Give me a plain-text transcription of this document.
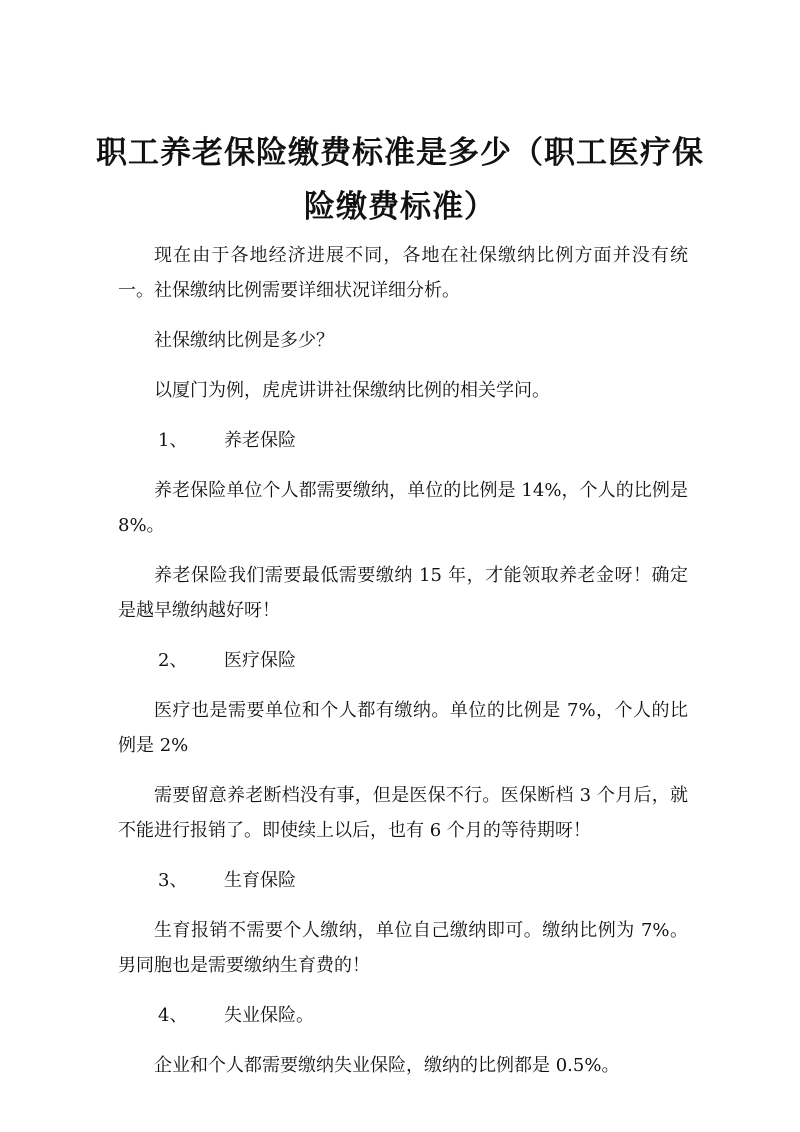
职工养老保险缴费标准是多少（职工医疗保
险缴费标准）

现在由于各地经济进展不同，各地在社保缴纳比例方面并没有统一。社保缴纳比例需要详细状况详细分析。

社保缴纳比例是多少？

以厦门为例，虎虎讲讲社保缴纳比例的相关学问。

1、 养老保险

养老保险单位个人都需要缴纳，单位的比例是 14%，个人的比例是 8%。

养老保险我们需要最低需要缴纳 15 年，才能领取养老金呀！确定是越早缴纳越好呀！

2、 医疗保险

医疗也是需要单位和个人都有缴纳。单位的比例是 7%，个人的比例是 2%

需要留意养老断档没有事，但是医保不行。医保断档 3 个月后，就不能进行报销了。即使续上以后，也有 6 个月的等待期呀！

3、 生育保险

生育报销不需要个人缴纳，单位自己缴纳即可。缴纳比例为 7%。男同胞也是需要缴纳生育费的！

4、 失业保险。

企业和个人都需要缴纳失业保险，缴纳的比例都是 0.5%。
